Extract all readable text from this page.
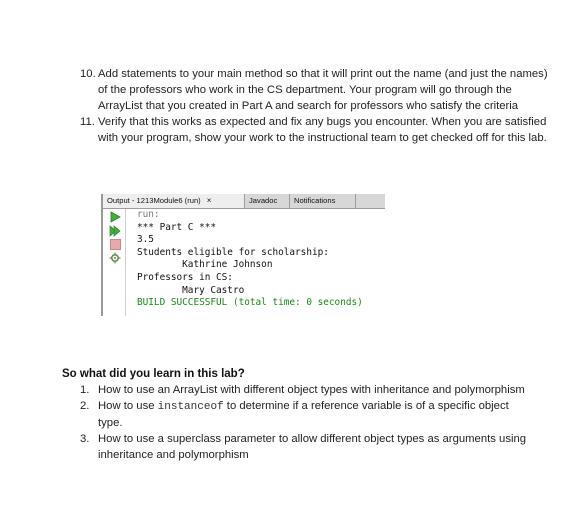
10. Add statements to your main method so that it will print out the name (and just the names) of the professors who work in the CS department. Your program will go through the ArrayList that you created in Part A and search for professors who satisfy the criteria
11. Verify that this works as expected and fix any bugs you encounter. When you are satisfied with your program, show your work to the instructional team to get checked off for this lab.
Output - 1213Module6 (run) ×	Javadoc	Notifications
run:
*** Part C ***
3.5
Students eligible for scholarship:
Kathrine Johnson
Professors in CS:
Mary Castro
BUILD SUCCESSFUL (total time: 0 seconds)
So what did you learn in this lab?
1. How to use an ArrayList with different object types with inheritance and polymorphism
2. How to use instanceof to determine if a reference variable is of a specific object type.
3. How to use a superclass parameter to allow different object types as arguments using inheritance and polymorphism
